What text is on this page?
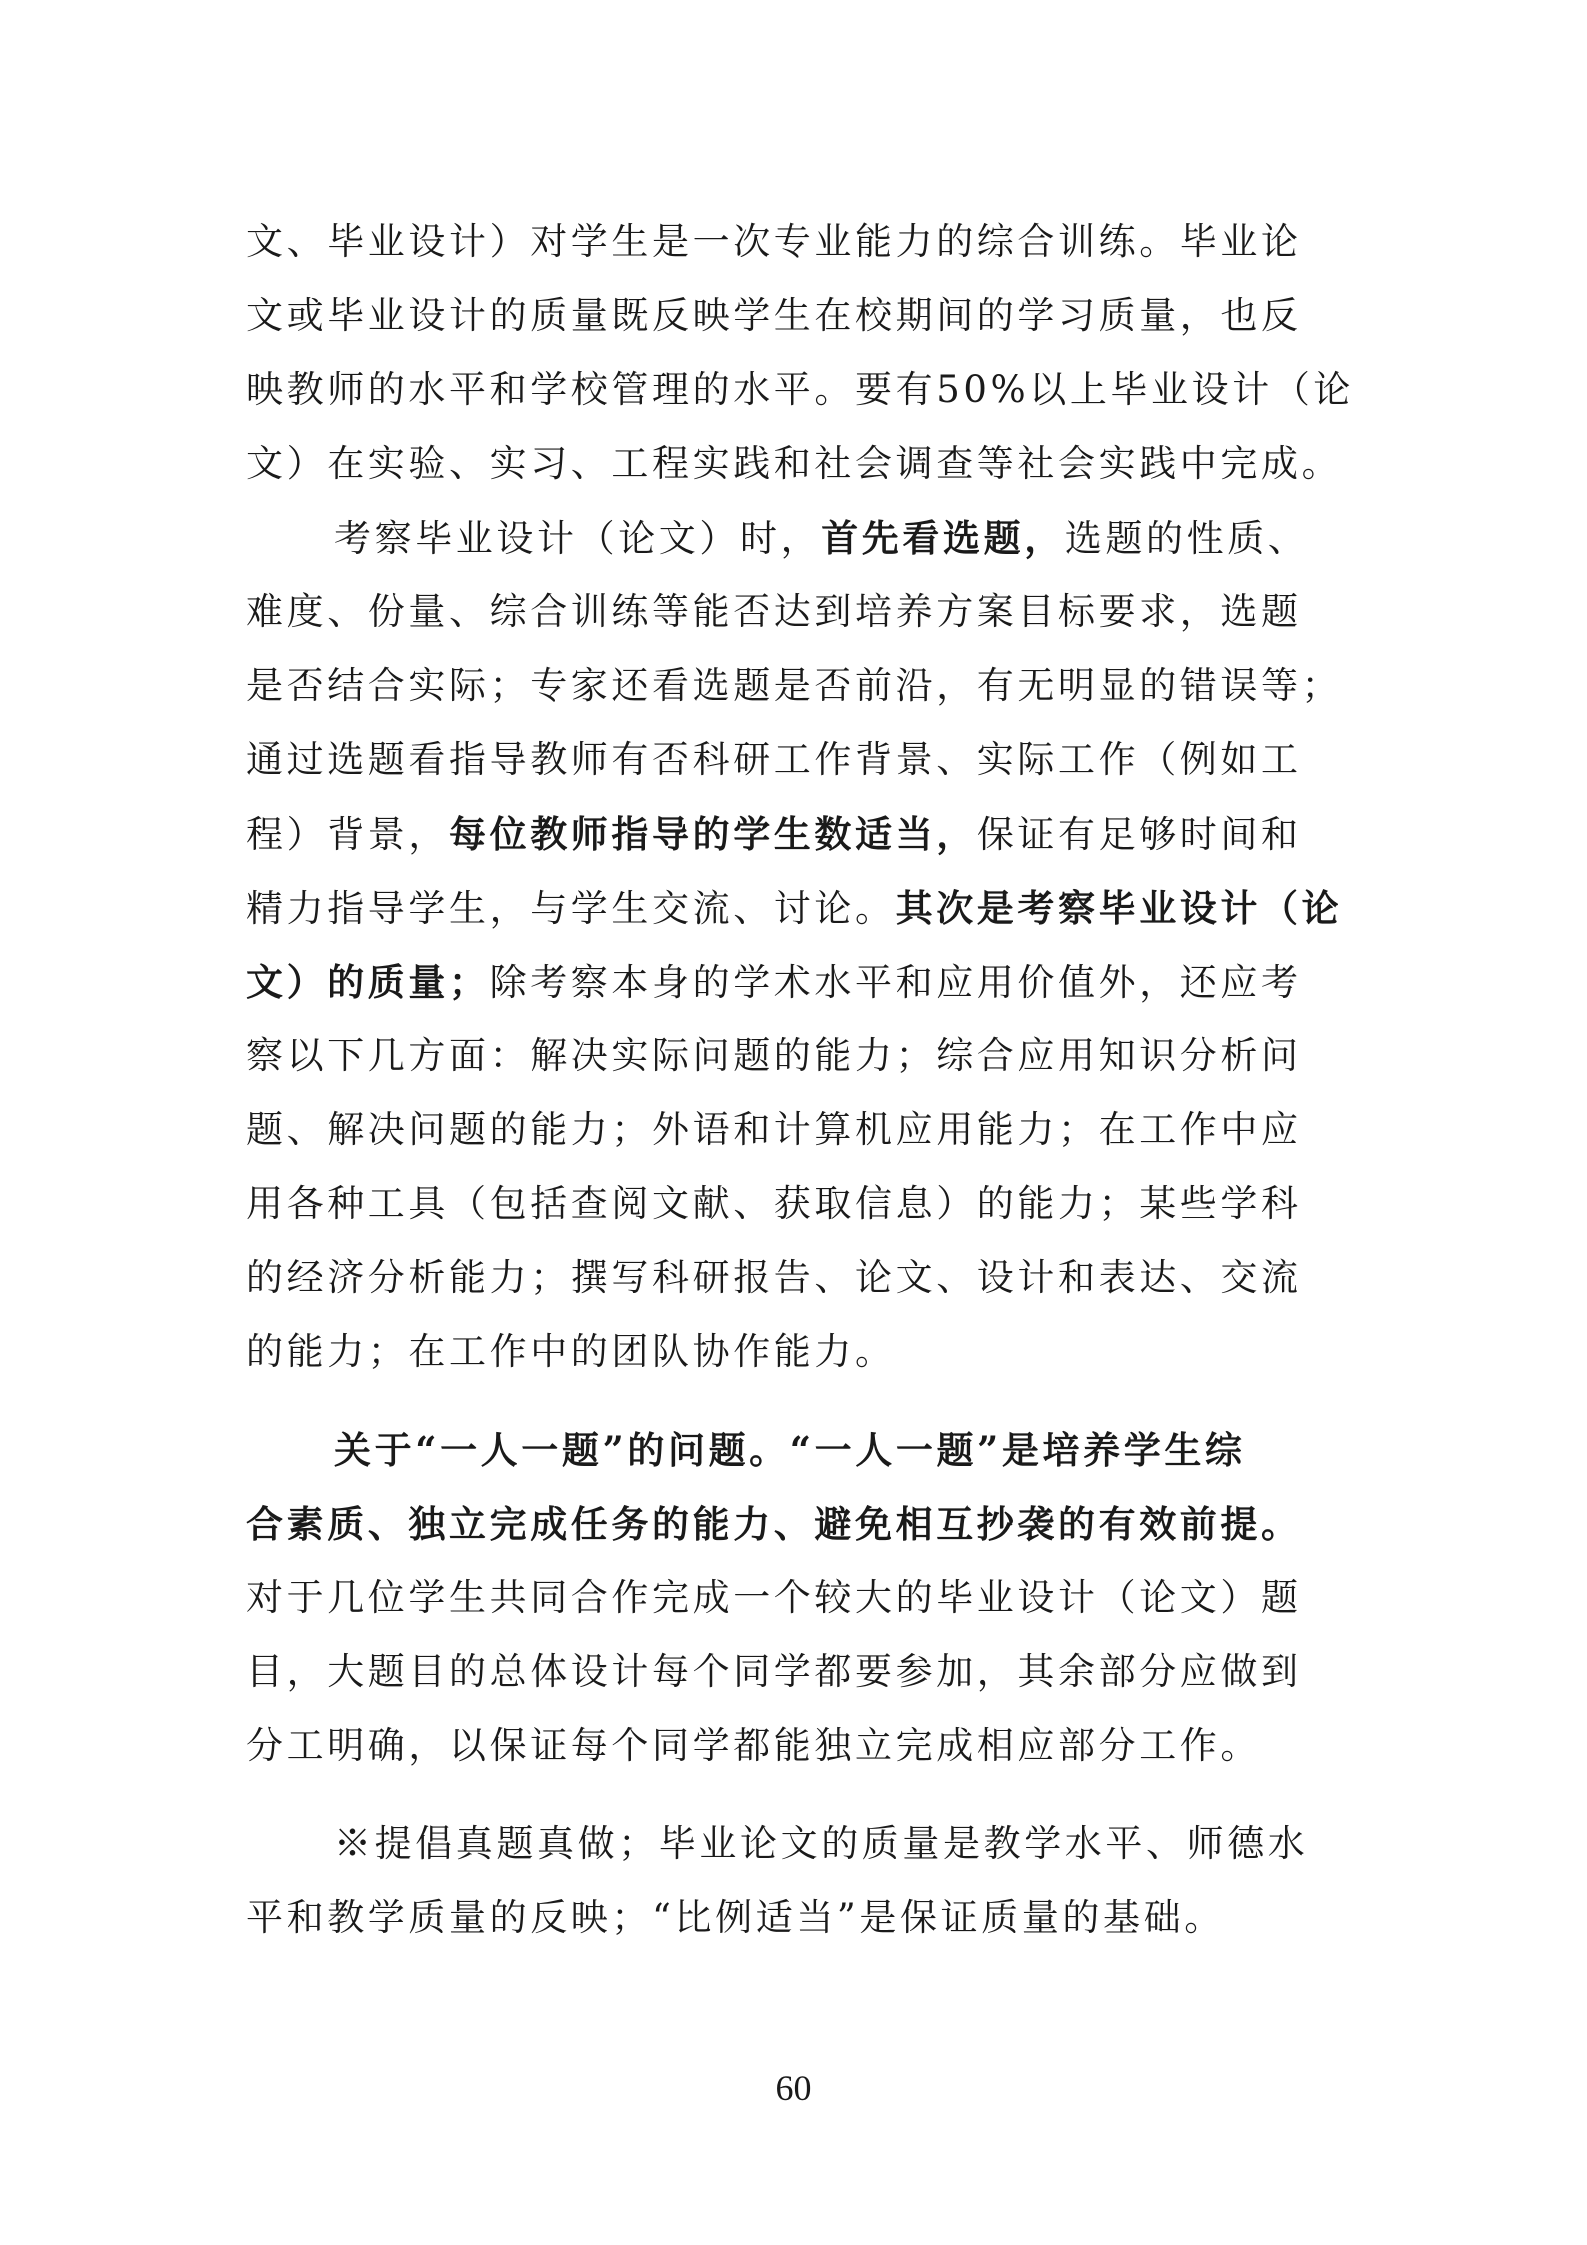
文、毕业设计）对学生是一次专业能力的综合训练。毕业论
文或毕业设计的质量既反映学生在校期间的学习质量，也反
映教师的水平和学校管理的水平。要有50%以上毕业设计（论
文）在实验、实习、工程实践和社会调查等社会实践中完成。
考察毕业设计（论文）时，首先看选题，选题的性质、
难度、份量、综合训练等能否达到培养方案目标要求，选题
是否结合实际；专家还看选题是否前沿，有无明显的错误等；
通过选题看指导教师有否科研工作背景、实际工作（例如工
程）背景，每位教师指导的学生数适当，保证有足够时间和
精力指导学生，与学生交流、讨论。其次是考察毕业设计（论
文）的质量；除考察本身的学术水平和应用价值外，还应考
察以下几方面：解决实际问题的能力；综合应用知识分析问
题、解决问题的能力；外语和计算机应用能力；在工作中应
用各种工具（包括查阅文献、获取信息）的能力；某些学科
的经济分析能力；撰写科研报告、论文、设计和表达、交流
的能力；在工作中的团队协作能力。
关于“一人一题”的问题。“一人一题”是培养学生综
合素质、独立完成任务的能力、避免相互抄袭的有效前提。
对于几位学生共同合作完成一个较大的毕业设计（论文）题
目，大题目的总体设计每个同学都要参加，其余部分应做到
分工明确，以保证每个同学都能独立完成相应部分工作。
※提倡真题真做；毕业论文的质量是教学水平、师德水
平和教学质量的反映；“比例适当”是保证质量的基础。
60
